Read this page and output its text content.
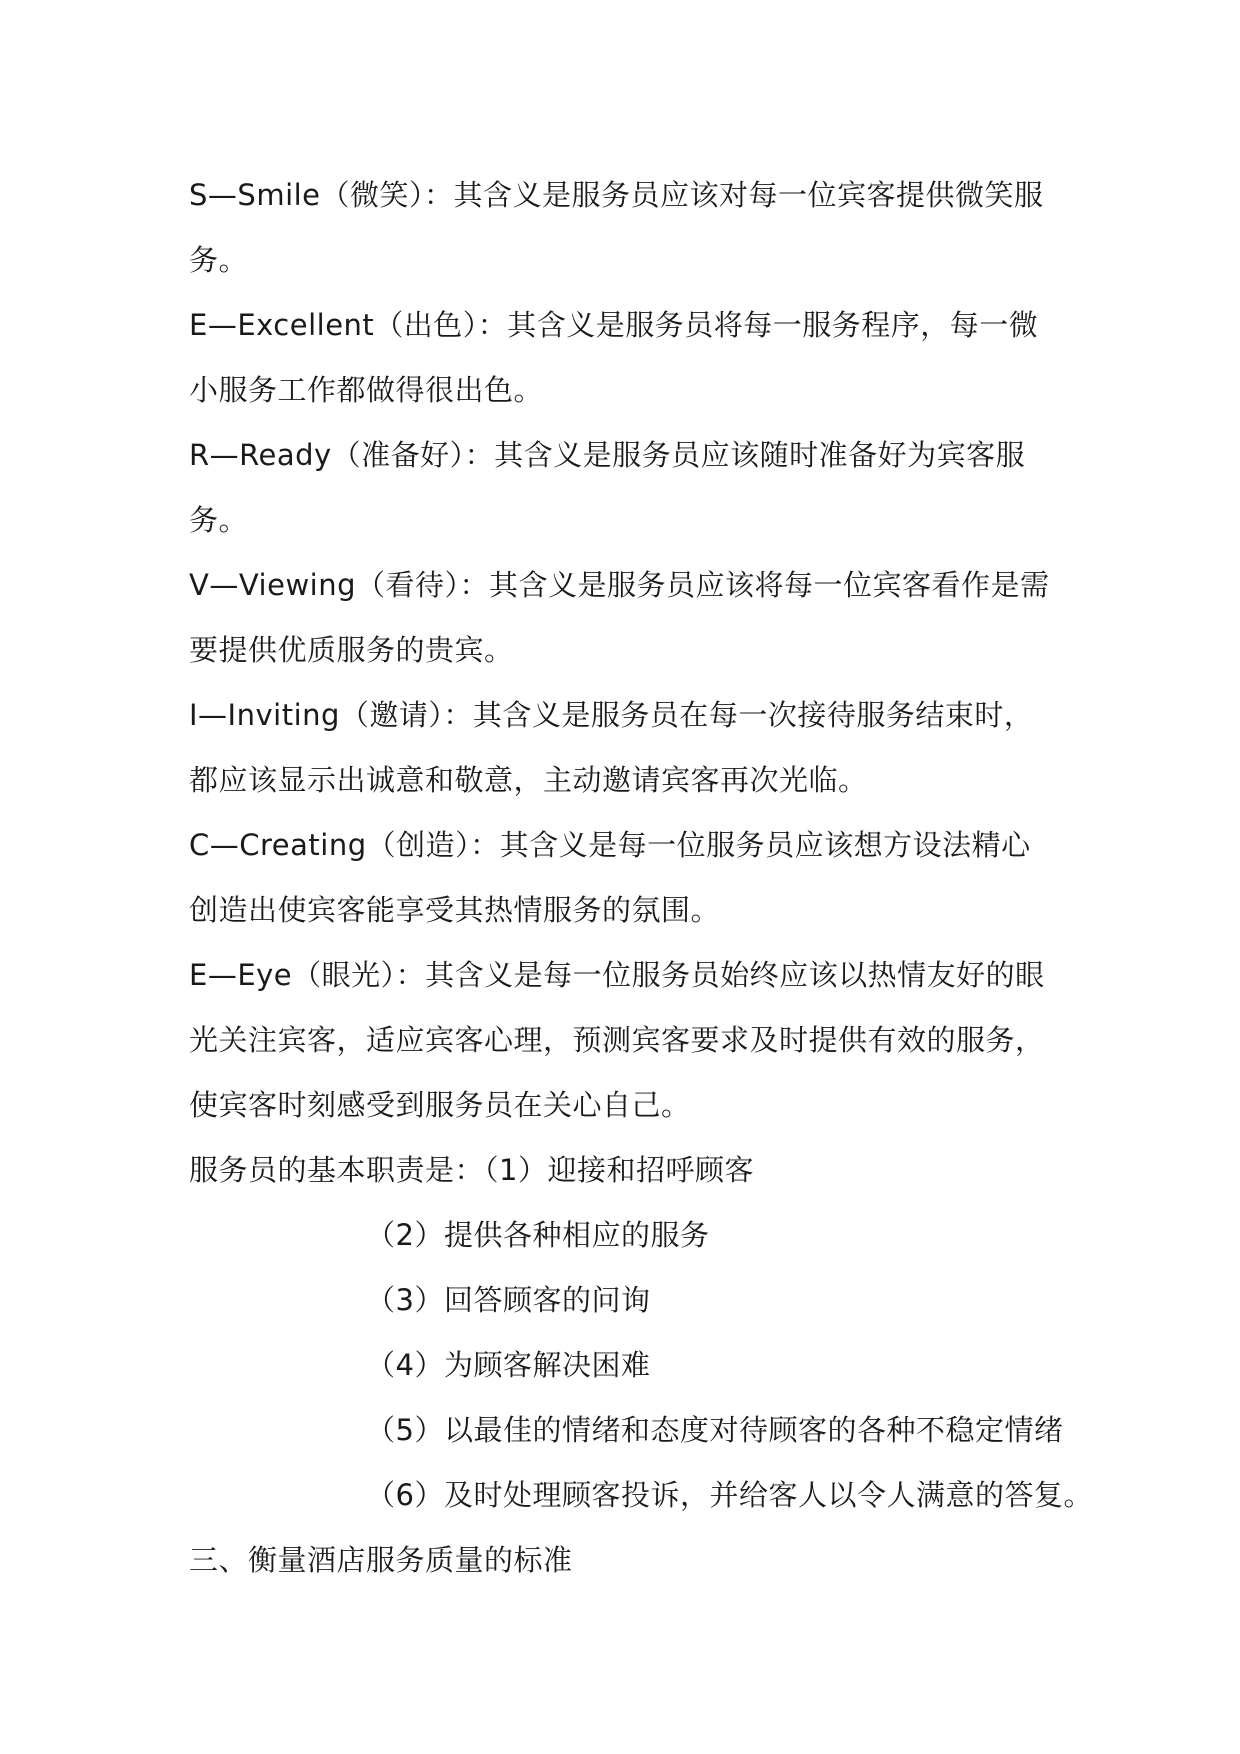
S—Smile（微笑）：其含义是服务员应该对每一位宾客提供微笑服
务。
E—Excellent（出色）：其含义是服务员将每一服务程序，每一微
小服务工作都做得很出色。
R—Ready（准备好）：其含义是服务员应该随时准备好为宾客服
务。
V—Viewing（看待）：其含义是服务员应该将每一位宾客看作是需
要提供优质服务的贵宾。
I—Inviting（邀请）：其含义是服务员在每一次接待服务结束时，
都应该显示出诚意和敬意，主动邀请宾客再次光临。
C—Creating（创造）：其含义是每一位服务员应该想方设法精心
创造出使宾客能享受其热情服务的氛围。
E—Eye（眼光）：其含义是每一位服务员始终应该以热情友好的眼
光关注宾客，适应宾客心理，预测宾客要求及时提供有效的服务，
使宾客时刻感受到服务员在关心自己。
服务员的基本职责是：（1）迎接和招呼顾客
（2）提供各种相应的服务
（3）回答顾客的问询
（4）为顾客解决困难
（5）以最佳的情绪和态度对待顾客的各种不稳定情绪
（6）及时处理顾客投诉，并给客人以令人满意的答复。
三、衡量酒店服务质量的标准
